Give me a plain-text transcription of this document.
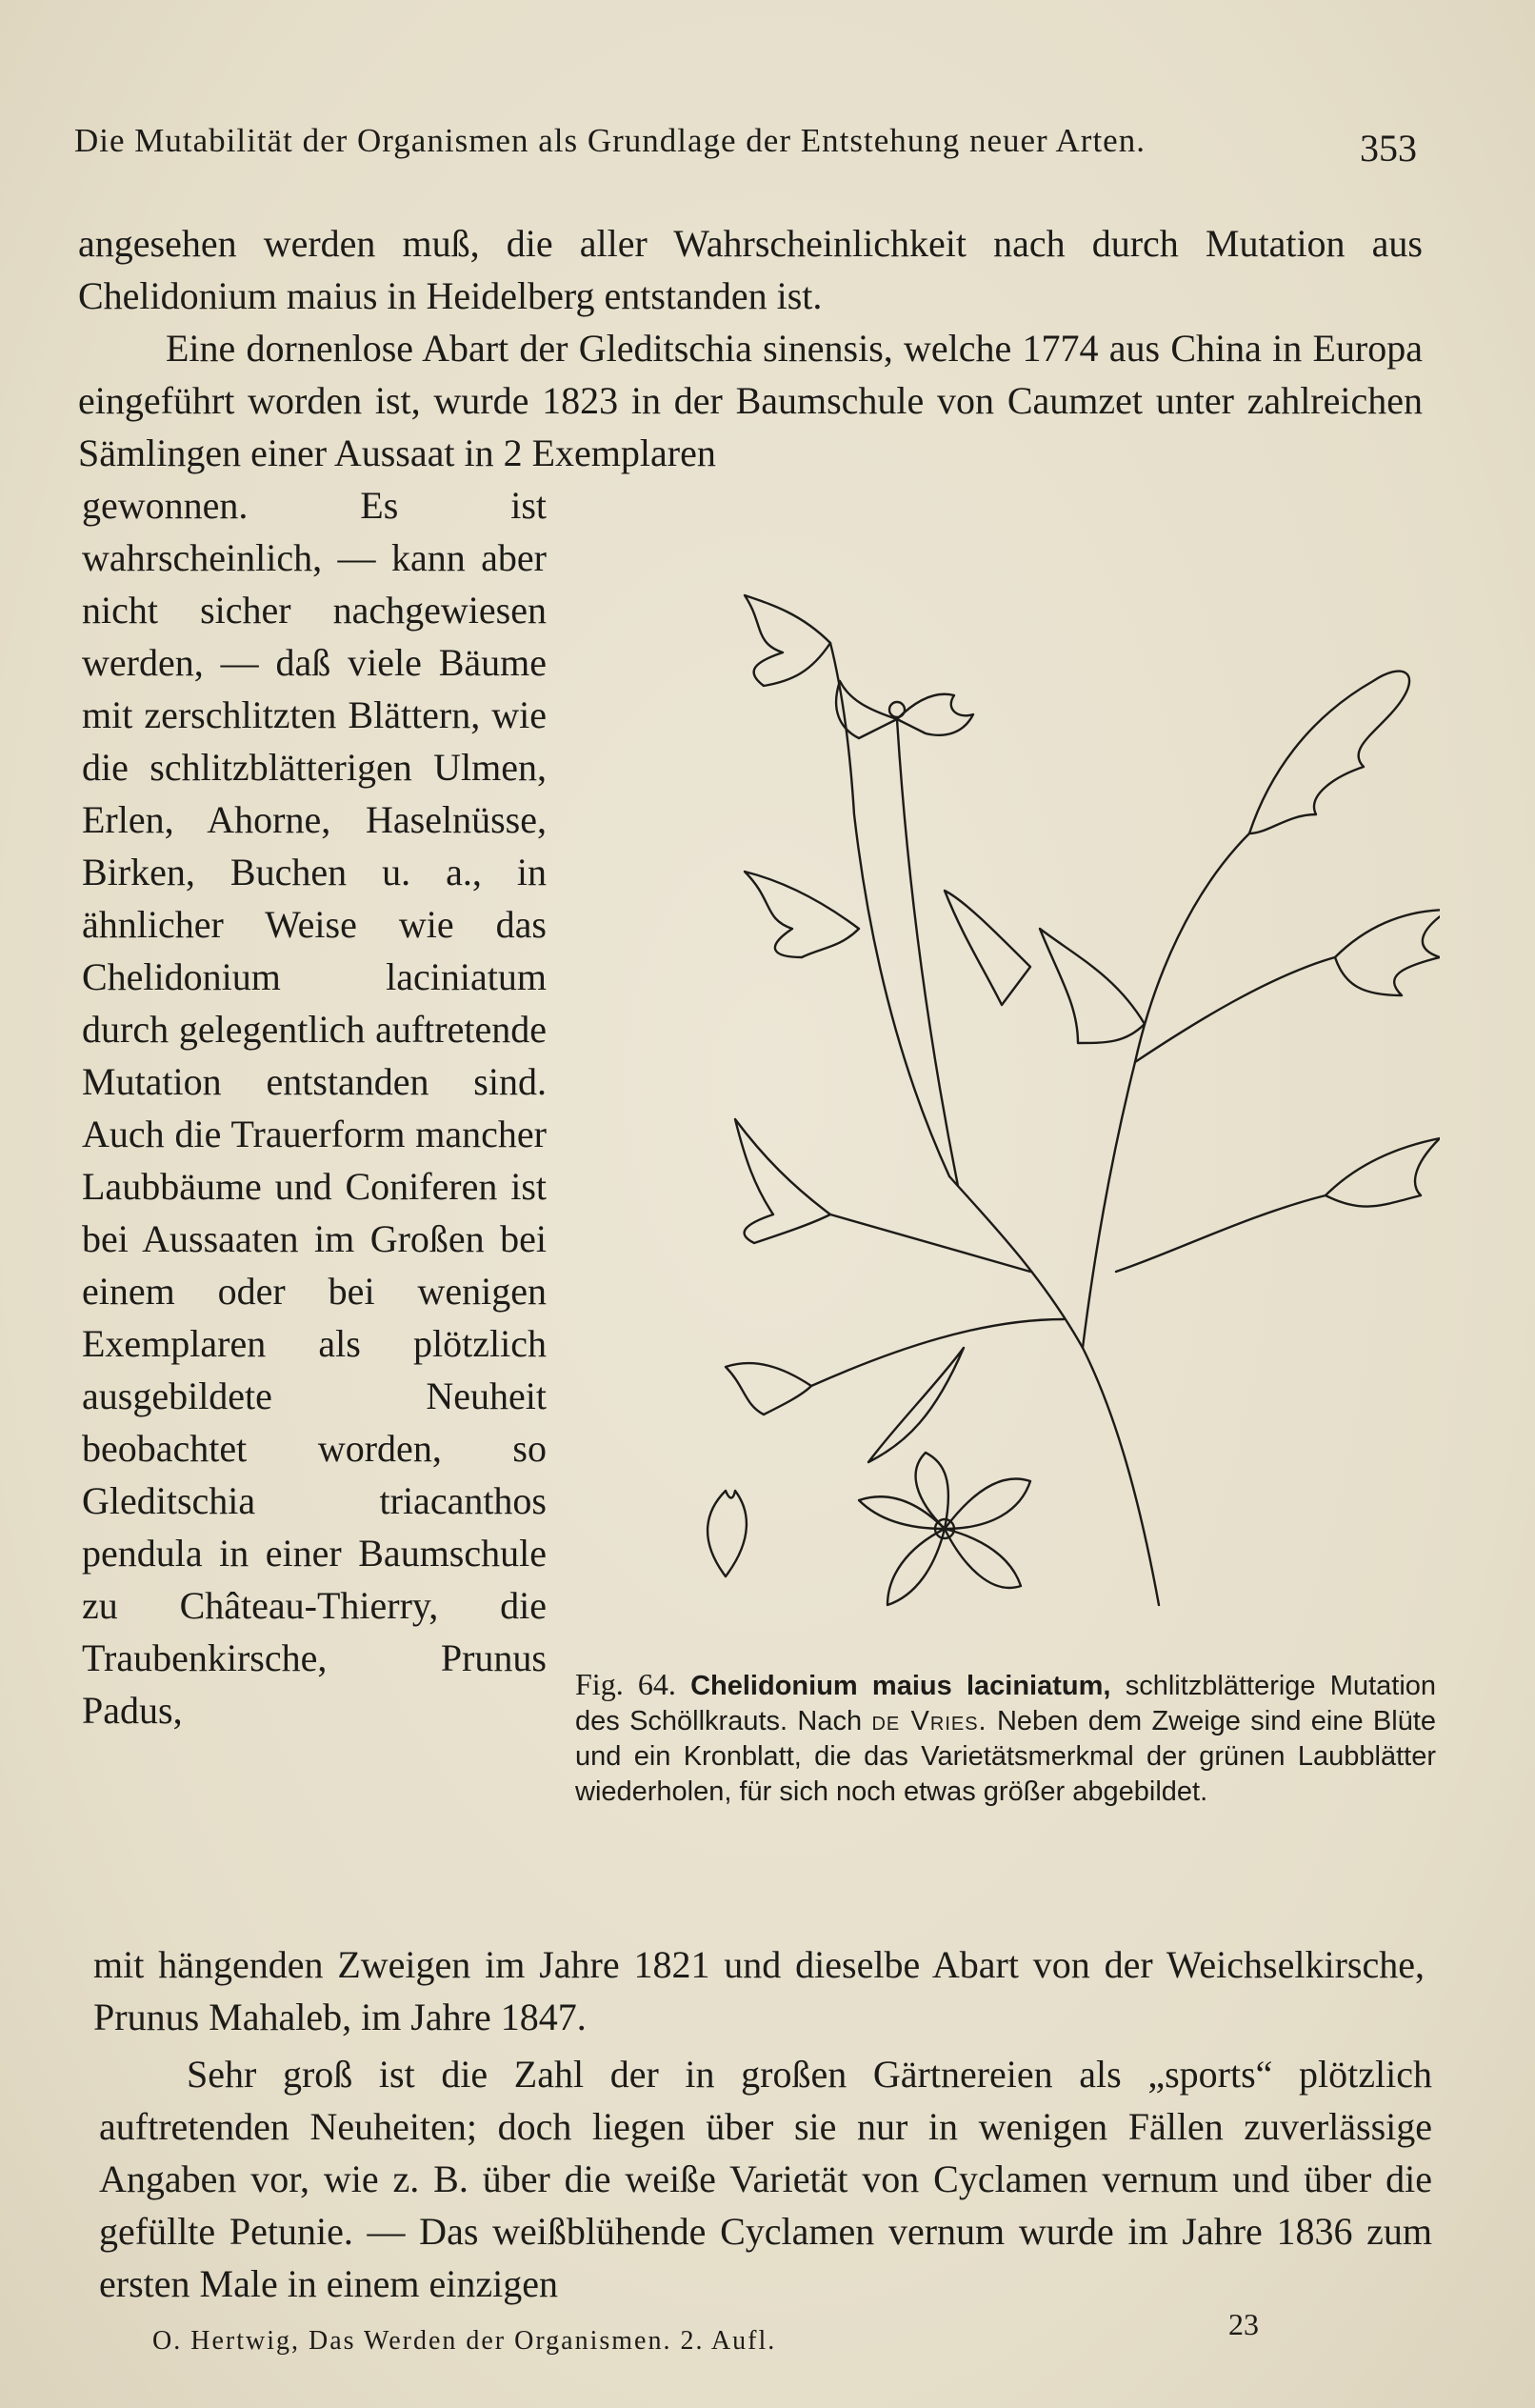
Die Mutabilität der Organismen als Grundlage der Entstehung neuer Arten.	353

angesehen werden muß, die aller Wahrscheinlichkeit nach durch Mutation aus Chelidonium maius in Heidelberg entstanden ist.

Eine dornenlose Abart der Gleditschia sinensis, welche 1774 aus China in Europa eingeführt worden ist, wurde 1823 in der Baumschule von Caumzet unter zahlreichen Sämlingen einer Aussaat in 2 Exemplaren

gewonnen. Es ist wahrscheinlich, — kann aber nicht sicher nachgewiesen werden, — daß viele Bäume mit zerschlitzten Blättern, wie die schlitzblätterigen Ulmen, Erlen, Ahorne, Haselnüsse, Birken, Buchen u. a., in ähnlicher Weise wie das Chelidonium laciniatum durch gelegentlich auftretende Mutation entstanden sind. Auch die Trauerform mancher Laubbäume und Coniferen ist bei Aussaaten im Großen bei einem oder bei wenigen Exemplaren als plötzlich ausgebildete Neuheit beobachtet worden, so Gleditschia triacanthos pendula in einer Baumschule zu Château-Thierry, die Traubenkirsche, Prunus Padus,

Fig. 64. Chelidonium maius laciniatum, schlitzblätterige Mutation des Schöllkrauts. Nach de Vries. Neben dem Zweige sind eine Blüte und ein Kronblatt, die das Varietätsmerkmal der grünen Laubblätter wiederholen, für sich noch etwas größer abgebildet.

mit hängenden Zweigen im Jahre 1821 und dieselbe Abart von der Weichselkirsche, Prunus Mahaleb, im Jahre 1847.

Sehr groß ist die Zahl der in großen Gärtnereien als „sports“ plötzlich auftretenden Neuheiten; doch liegen über sie nur in wenigen Fällen zuverlässige Angaben vor, wie z. B. über die weiße Varietät von Cyclamen vernum und über die gefüllte Petunie. — Das weißblühende Cyclamen vernum wurde im Jahre 1836 zum ersten Male in einem einzigen

O. Hertwig, Das Werden der Organismen. 2. Aufl.	23
